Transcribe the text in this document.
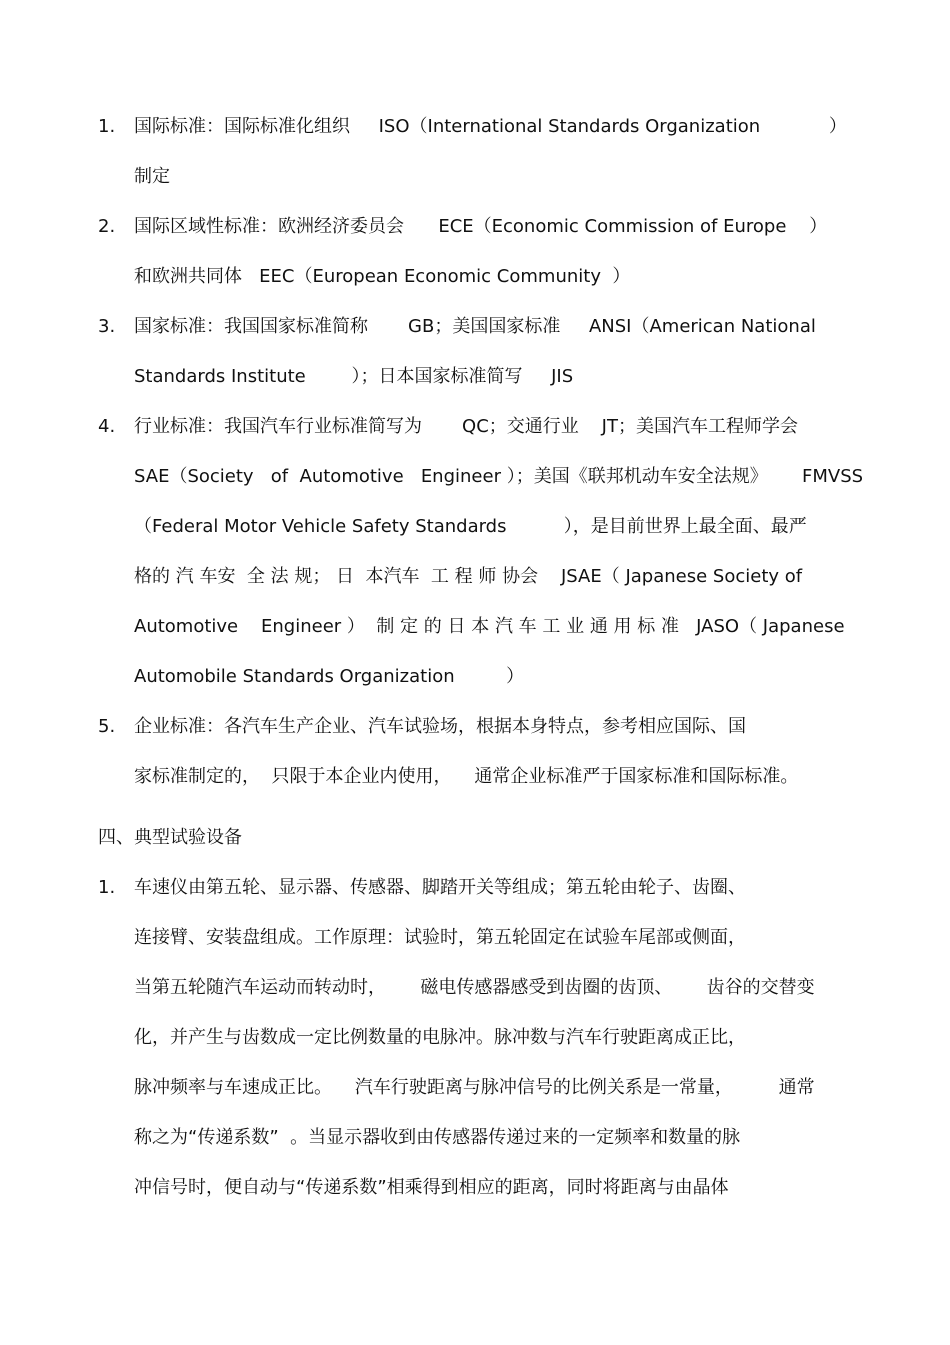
1. 国际标准：国际标准化组织     ISO（International Standards Organization            ）
制定
2. 国际区域性标准：欧洲经济委员会      ECE（Economic Commission of Europe    ）
和欧洲共同体   EEC（European Economic Community  ）
3. 国家标准：我国国家标准简称       GB；美国国家标准     ANSI（American National
Standards Institute        ）；日本国家标准简写     JIS
4. 行业标准：我国汽车行业标准简写为       QC；交通行业    JT；美国汽车工程师学会
SAE（Society   of  Automotive   Engineer ）；美国《联邦机动车安全法规》      FMVSS
（Federal Motor Vehicle Safety Standards          ），是目前世界上最全面、最严
格的 汽 车安  全 法 规； 日  本汽车  工 程 师 协会    JSAE（ Japanese Society of
Automotive    Engineer ）  制 定 的 日 本 汽 车 工 业 通 用 标 准   JASO（ Japanese
Automobile Standards Organization         ）
5. 企业标准：各汽车生产企业、汽车试验场，根据本身特点，参考相应国际、国
家标准制定的，  只限于本企业内使用，    通常企业标准严于国家标准和国际标准。
四、典型试验设备
1. 车速仪由第五轮、显示器、传感器、脚踏开关等组成；第五轮由轮子、齿圈、
连接臂、安装盘组成。工作原理：试验时，第五轮固定在试验车尾部或侧面，
当第五轮随汽车运动而转动时，      磁电传感器感受到齿圈的齿顶、      齿谷的交替变
化，并产生与齿数成一定比例数量的电脉冲。脉冲数与汽车行驶距离成正比，
脉冲频率与车速成正比。    汽车行驶距离与脉冲信号的比例关系是一常量，        通常
称之为“传递系数”  。当显示器收到由传感器传递过来的一定频率和数量的脉
冲信号时，便自动与“传递系数”相乘得到相应的距离，同时将距离与由晶体
